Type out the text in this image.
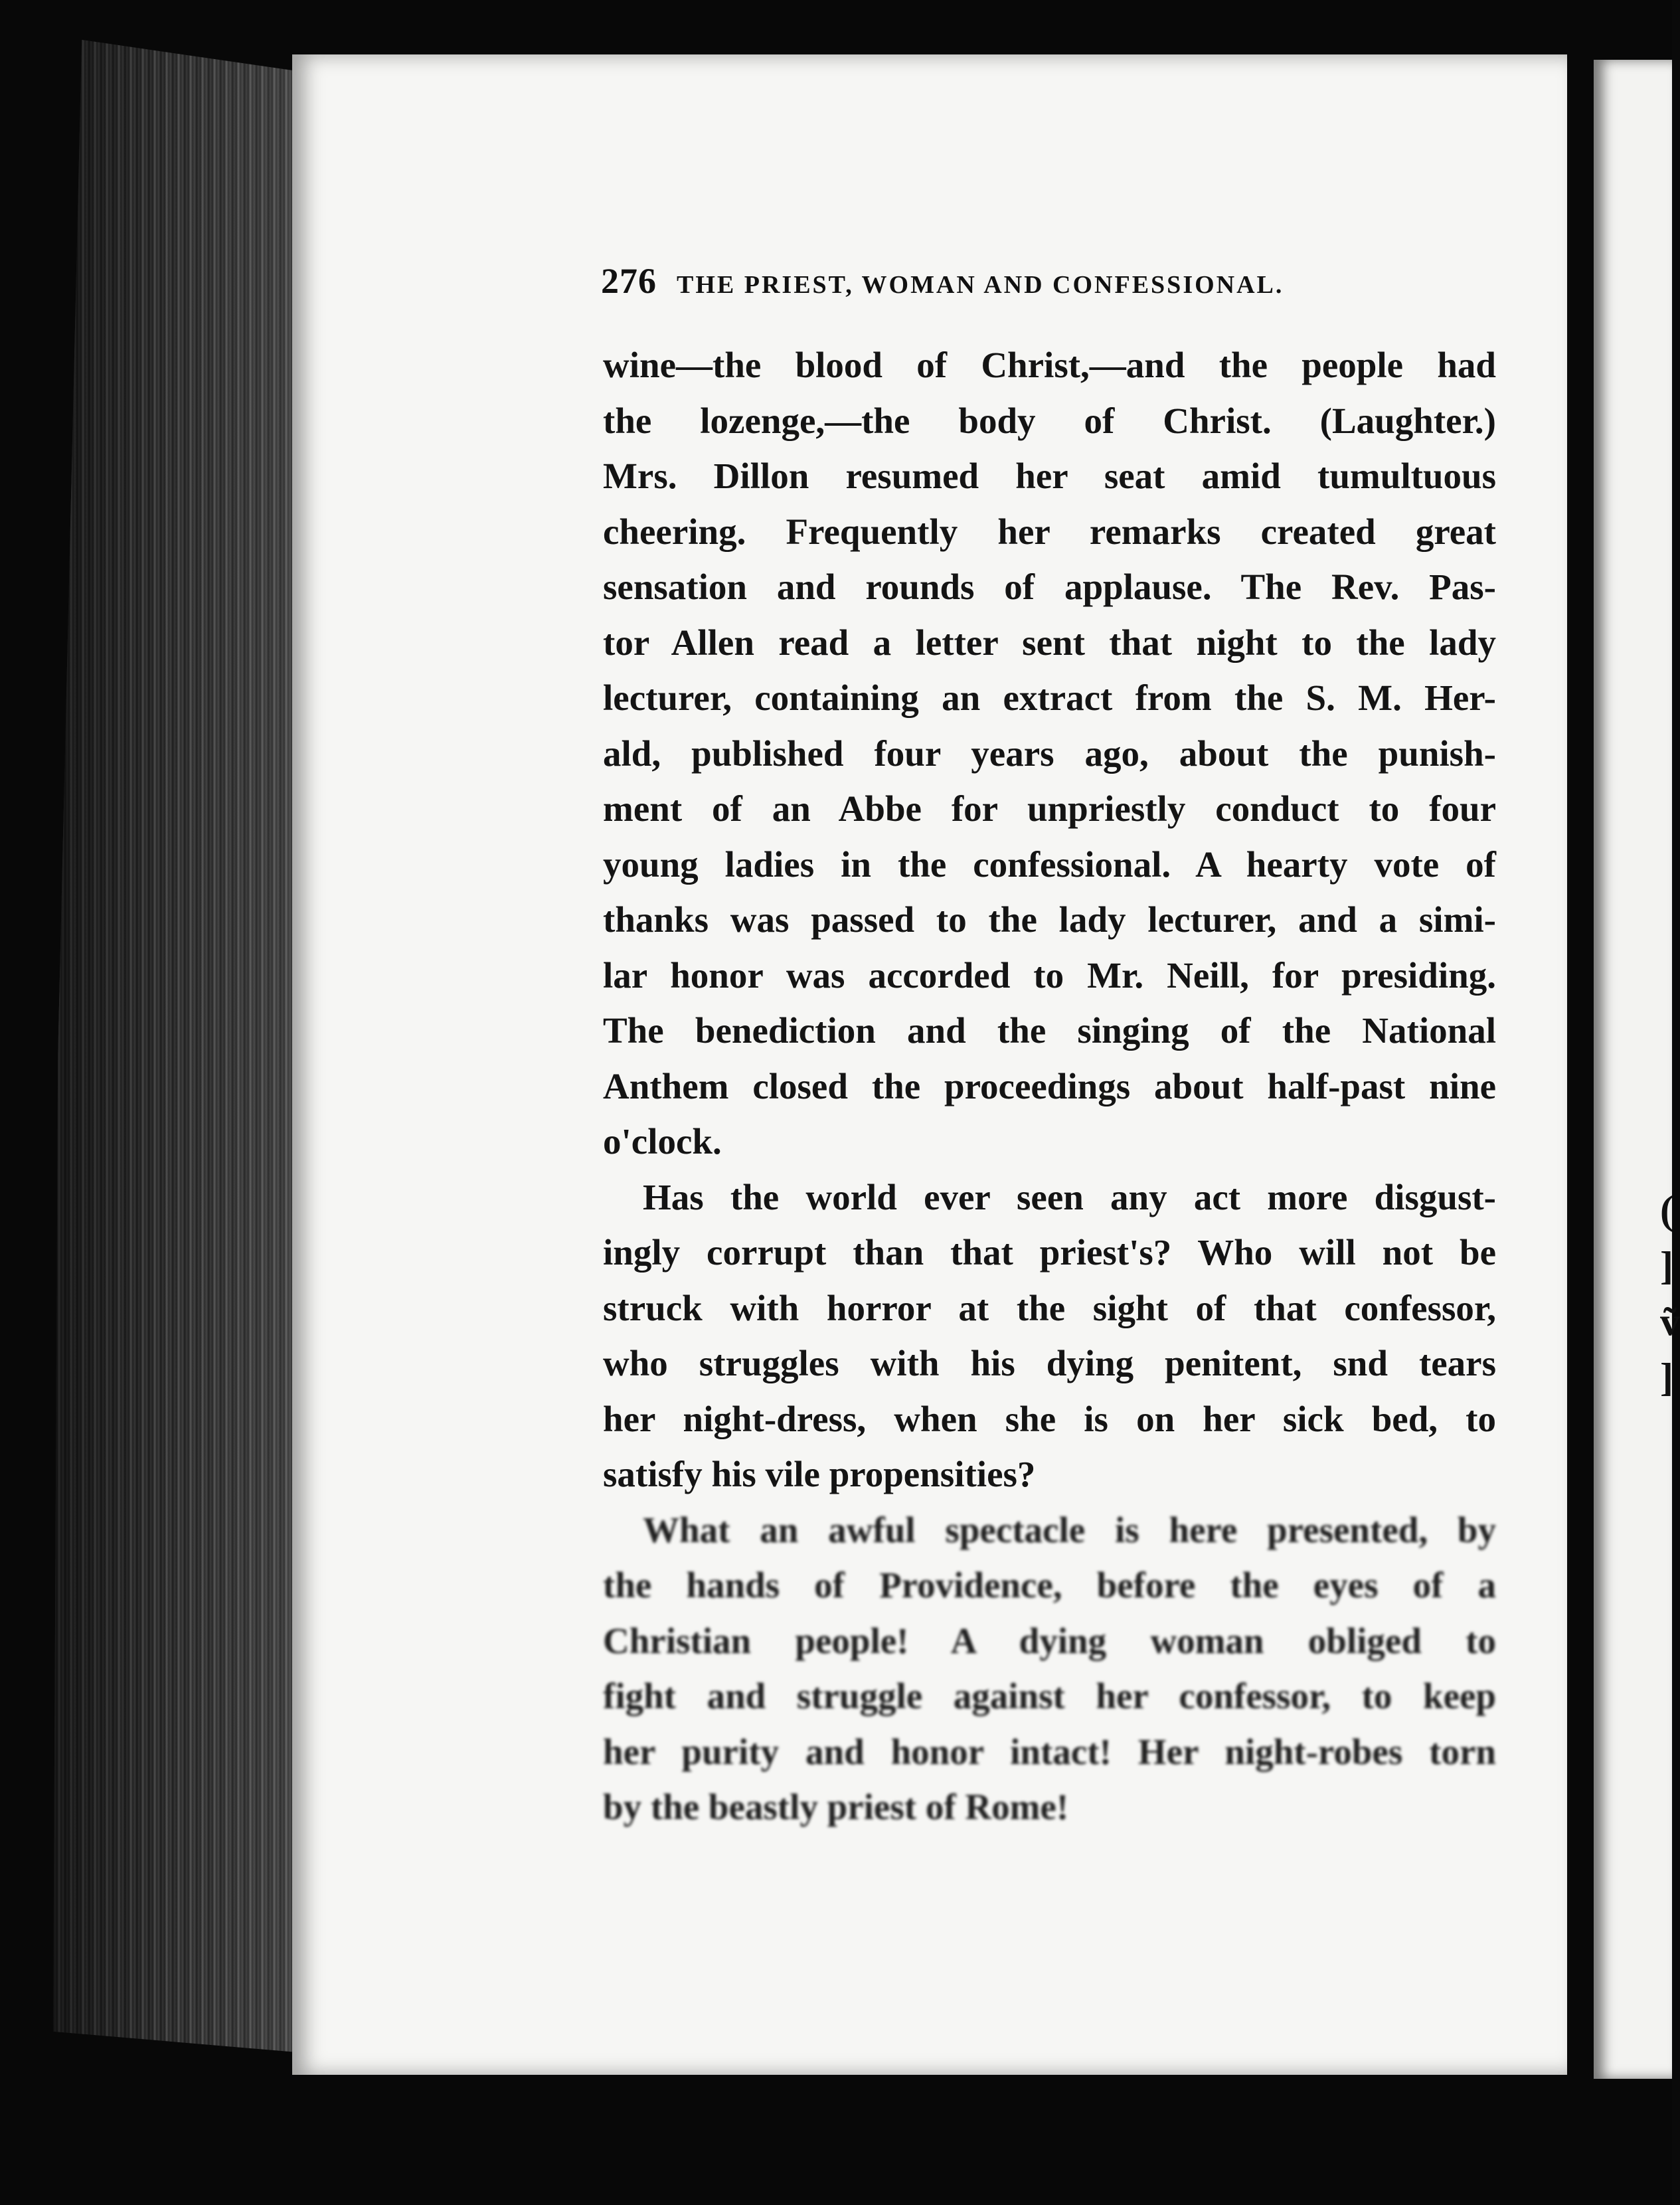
(
]
ṽ
]
276 THE PRIEST, WOMAN AND CONFESSIONAL.
wine—the blood of Christ,—and the people had
the lozenge,—the body of Christ. (Laughter.)
Mrs. Dillon resumed her seat amid tumultuous
cheering. Frequently her remarks created great
sensation and rounds of applause. The Rev. Pas-
tor Allen read a letter sent that night to the lady
lecturer, containing an extract from the S. M. Her-
ald, published four years ago, about the punish-
ment of an Abbe for unpriestly conduct to four
young ladies in the confessional. A hearty vote of
thanks was passed to the lady lecturer, and a simi-
lar honor was accorded to Mr. Neill, for presiding.
The benediction and the singing of the National
Anthem closed the proceedings about half-past nine
o'clock.
Has the world ever seen any act more disgust-
ingly corrupt than that priest's? Who will not be
struck with horror at the sight of that confessor,
who struggles with his dying penitent, snd tears
her night-dress, when she is on her sick bed, to
satisfy his vile propensities?
What an awful spectacle is here presented, by
the hands of Providence, before the eyes of a
Christian people! A dying woman obliged to
fight and struggle against her confessor, to keep
her purity and honor intact! Her night-robes torn
by the beastly priest of Rome!
